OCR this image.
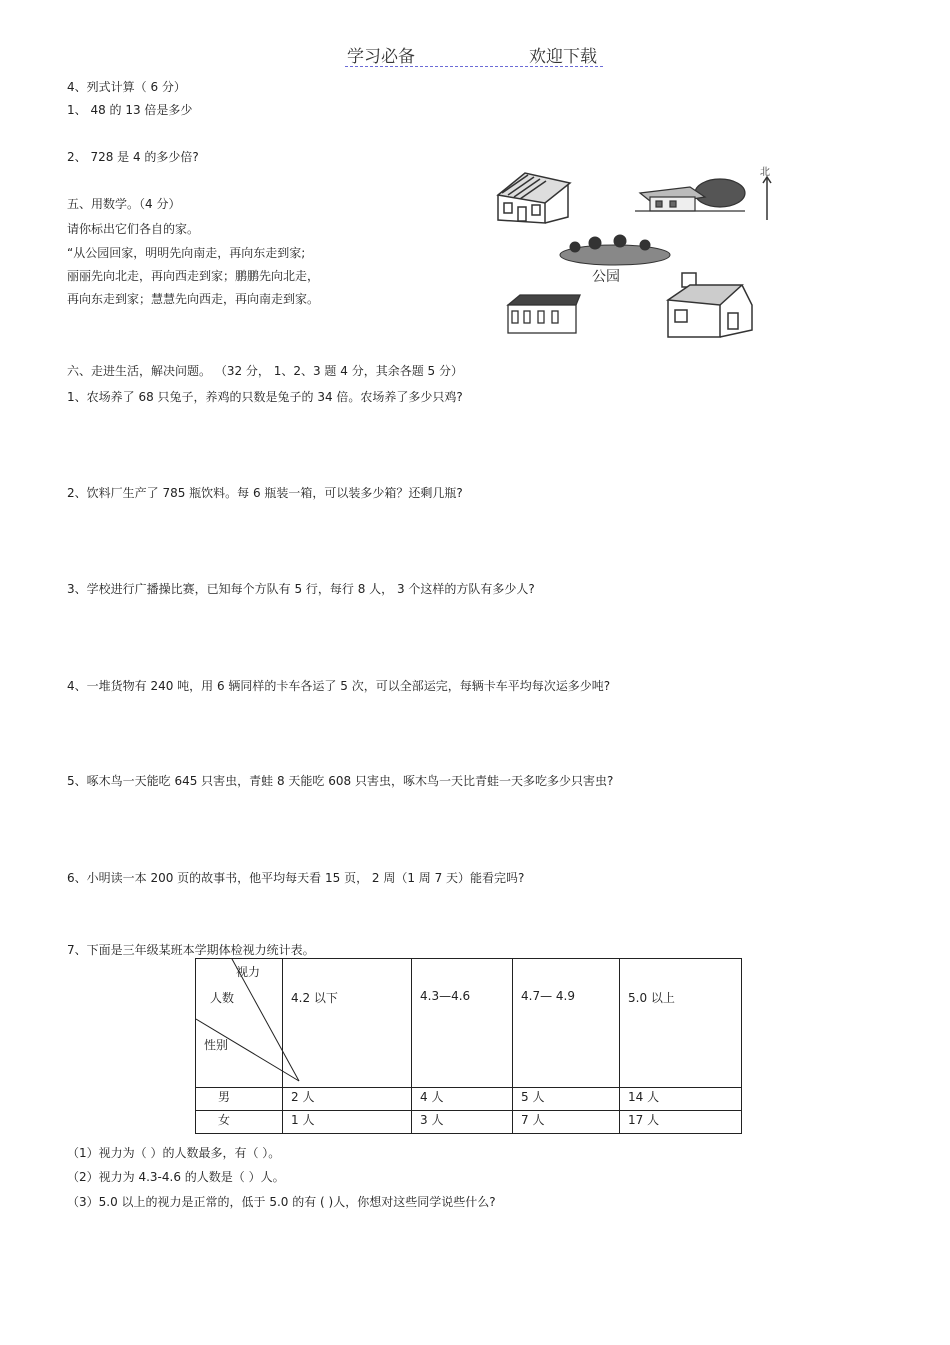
学习必备	欢迎下载
4、列式计算（ 6 分）
1、 48 的 13 倍是多少
2、 728 是 4 的多少倍?
五、用数学。（4 分）
请你标出它们各自的家。
“从公园回家，明明先向南走，再向东走到家;
丽丽先向北走，再向西走到家；鹏鹏先向北走，
再向东走到家；慧慧先向西走，再向南走到家。
北
公园
六、走进生活，解决问题。 （32 分， 1、2、3 题 4 分，其余各题 5 分）
1、农场养了 68 只兔子，养鸡的只数是兔子的 34 倍。农场养了多少只鸡?
2、饮料厂生产了 785 瓶饮料。每 6 瓶装一箱，可以装多少箱？还剩几瓶?
3、学校进行广播操比赛，已知每个方队有 5 行，每行 8 人， 3 个这样的方队有多少人?
4、一堆货物有 240 吨，用 6 辆同样的卡车各运了 5 次，可以全部运完，每辆卡车平均每次运多少吨?
5、啄木鸟一天能吃 645 只害虫，青蛙 8 天能吃 608 只害虫，啄木鸟一天比青蛙一天多吃多少只害虫?
6、小明读一本 200 页的故事书，他平均每天看 15 页， 2 周（1 周 7 天）能看完吗?
7、下面是三年级某班本学期体检视力统计表。
视力
人数
性别	4.2 以下	4.3—4.6	4.7— 4.9	5.0 以上

男	2 人	4 人	5 人	14 人
女	1 人	3 人	7 人	17 人
（1）视力为（ ）的人数最多，有（ ）。
（2）视力为 4.3-4.6 的人数是（ ）人。
（3）5.0 以上的视力是正常的，低于 5.0 的有 ( )人，你想对这些同学说些什么?
